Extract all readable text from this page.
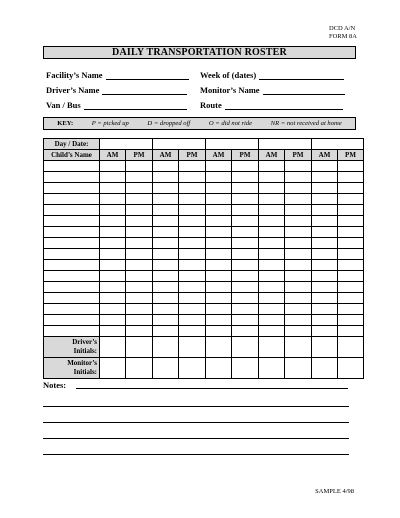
DCD A/N
FORM 8A
DAILY TRANSPORTATION ROSTER
Facility’s Name	Week of (dates)
Driver’s Name	Monitor’s Name
Van / Bus	Route
KEY:	P = picked up	D = dropped off	O = did not ride	NR = not received at home
Day / Date:										
Child’s Name	AM	PM	AM	PM	AM	PM	AM	PM	AM	PM

Driver’s
Initials:										

Monitor’s
Initials:										

Notes:
SAMPLE 4/98
